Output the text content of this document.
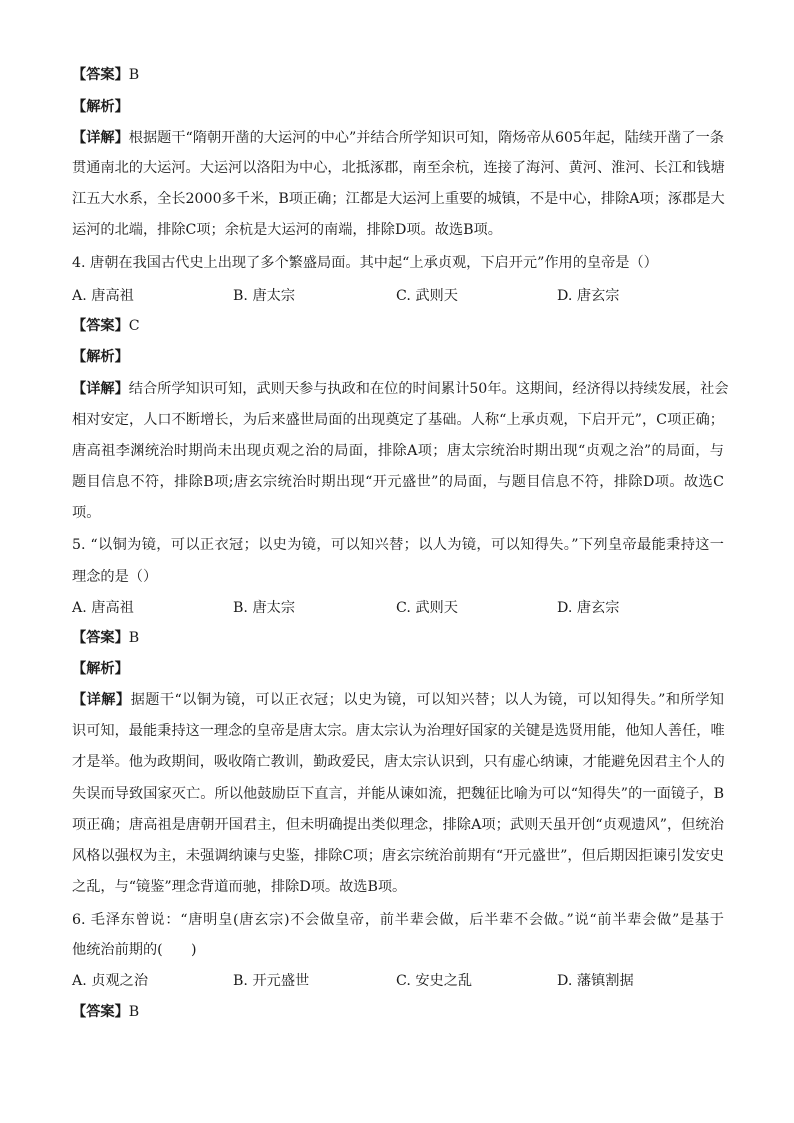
【答案】B
【解析】
【详解】根据题干“隋朝开凿的大运河的中心”并结合所学知识可知，隋炀帝从605年起，陆续开凿了一条
贯通南北的大运河。大运河以洛阳为中心，北抵涿郡，南至余杭，连接了海河、黄河、淮河、长江和钱塘
江五大水系，全长2000多千米，B项正确；江都是大运河上重要的城镇，不是中心，排除A项；涿郡是大
运河的北端，排除C项；余杭是大运河的南端，排除D项。故选B项。
4. 唐朝在我国古代史上出现了多个繁盛局面。其中起“上承贞观，下启开元”作用的皇帝是（）
A. 唐高祖	B. 唐太宗	C. 武则天	D. 唐玄宗
【答案】C
【解析】
【详解】结合所学知识可知，武则天参与执政和在位的时间累计50年。这期间，经济得以持续发展，社会
相对安定，人口不断增长，为后来盛世局面的出现奠定了基础。人称“上承贞观，下启开元”，C项正确；
唐高祖李渊统治时期尚未出现贞观之治的局面，排除A项；唐太宗统治时期出现“贞观之治”的局面，与
题目信息不符，排除B项;唐玄宗统治时期出现“开元盛世”的局面，与题目信息不符，排除D项。故选C
项。
5. “以铜为镜，可以正衣冠；以史为镜，可以知兴替；以人为镜，可以知得失。”下列皇帝最能秉持这一
理念的是（）
A. 唐高祖	B. 唐太宗	C. 武则天	D. 唐玄宗
【答案】B
【解析】
【详解】据题干“以铜为镜，可以正衣冠；以史为镜，可以知兴替；以人为镜，可以知得失。”和所学知
识可知，最能秉持这一理念的皇帝是唐太宗。唐太宗认为治理好国家的关键是选贤用能，他知人善任，唯
才是举。他为政期间，吸收隋亡教训，勤政爱民，唐太宗认识到，只有虚心纳谏，才能避免因君主个人的
失误而导致国家灭亡。所以他鼓励臣下直言，并能从谏如流，把魏征比喻为可以“知得失”的一面镜子，B
项正确；唐高祖是唐朝开国君主，但未明确提出类似理念，排除A项；武则天虽开创“贞观遗风”，但统治
风格以强权为主，未强调纳谏与史鉴，排除C项；唐玄宗统治前期有“开元盛世”，但后期因拒谏引发安史
之乱，与“镜鉴”理念背道而驰，排除D项。故选B项。
6. 毛泽东曾说：“唐明皇(唐玄宗)不会做皇帝，前半辈会做，后半辈不会做。”说“前半辈会做”是基于
他统治前期的(　　)
A. 贞观之治	B. 开元盛世	C. 安史之乱	D. 藩镇割据
【答案】B
